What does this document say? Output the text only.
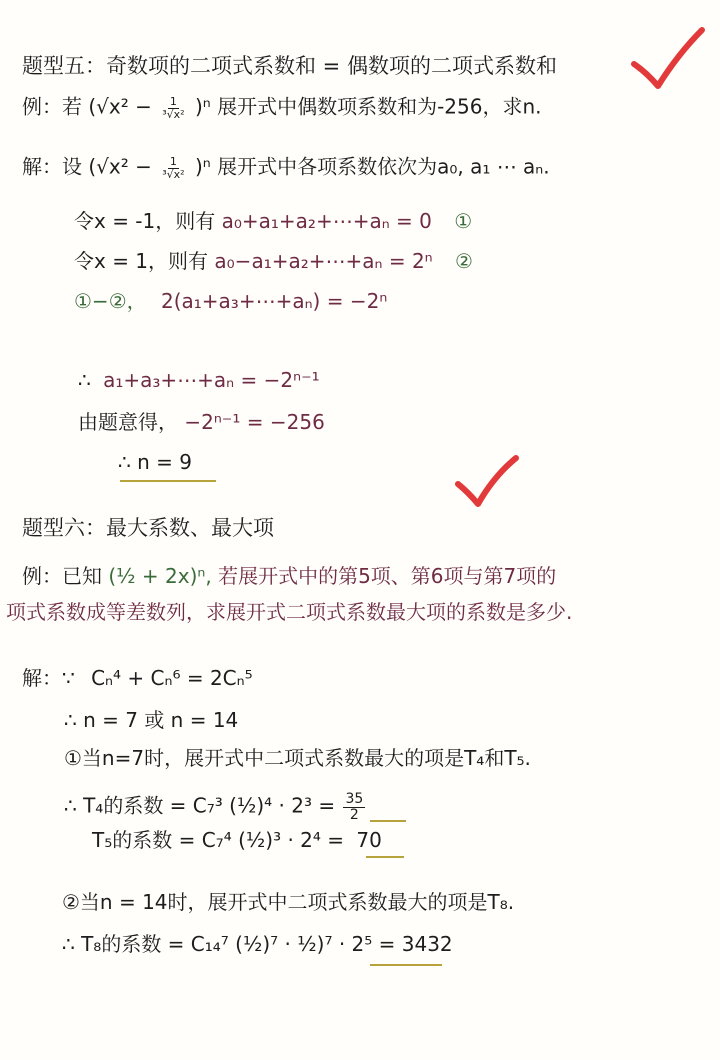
题型五：奇数项的二项式系数和 = 偶数项的二项式系数和
例：若 $(√x^2 - \frac{1}{\text{³√x²}} )^n$ 展开式中偶数项系数和为-256，求n.
解：设 $(√x^2 - \frac{1}{\text{³√x²}} )^n$ 展开式中各项系数依次为a₀, a₁ ⋯ aₙ.
令x = -1，则有 a₀+a₁+a₂+⋯+aₙ = 0 ①
令x = 1，则有 a₀−a₁+a₂+⋯+aₙ = 2ⁿ ②
①−②， 2(a₁+a₃+⋯+aₙ) = −2ⁿ
∴ a₁+a₃+⋯+aₙ = −2ⁿ⁻¹
由题意得， −2ⁿ⁻¹ = −256
∴ n = 9
题型六：最大系数、最大项
例：已知 (½ + 2x)ⁿ, 若展开式中的第5项、第6项与第7项的
项式系数成等差数列，求展开式二项式系数最大项的系数是多少.
解：∵ Cₙ⁴ + Cₙ⁶ = 2Cₙ⁵
∴ n = 7 或 n = 14
①当n=7时，展开式中二项式系数最大的项是T₄和T₅.
∴ T₄的系数 = C₇³ (½)⁴ · $2^3 = \frac{35}{2}$
T₅的系数 = C₇⁴ (½)³ · 2⁴ = 70
②当n = 14时，展开式中二项式系数最大的项是T₈.
∴ T₈的系数 = C₁₄⁷ (½)⁷ · ½)⁷ · 2⁵ = 3432
